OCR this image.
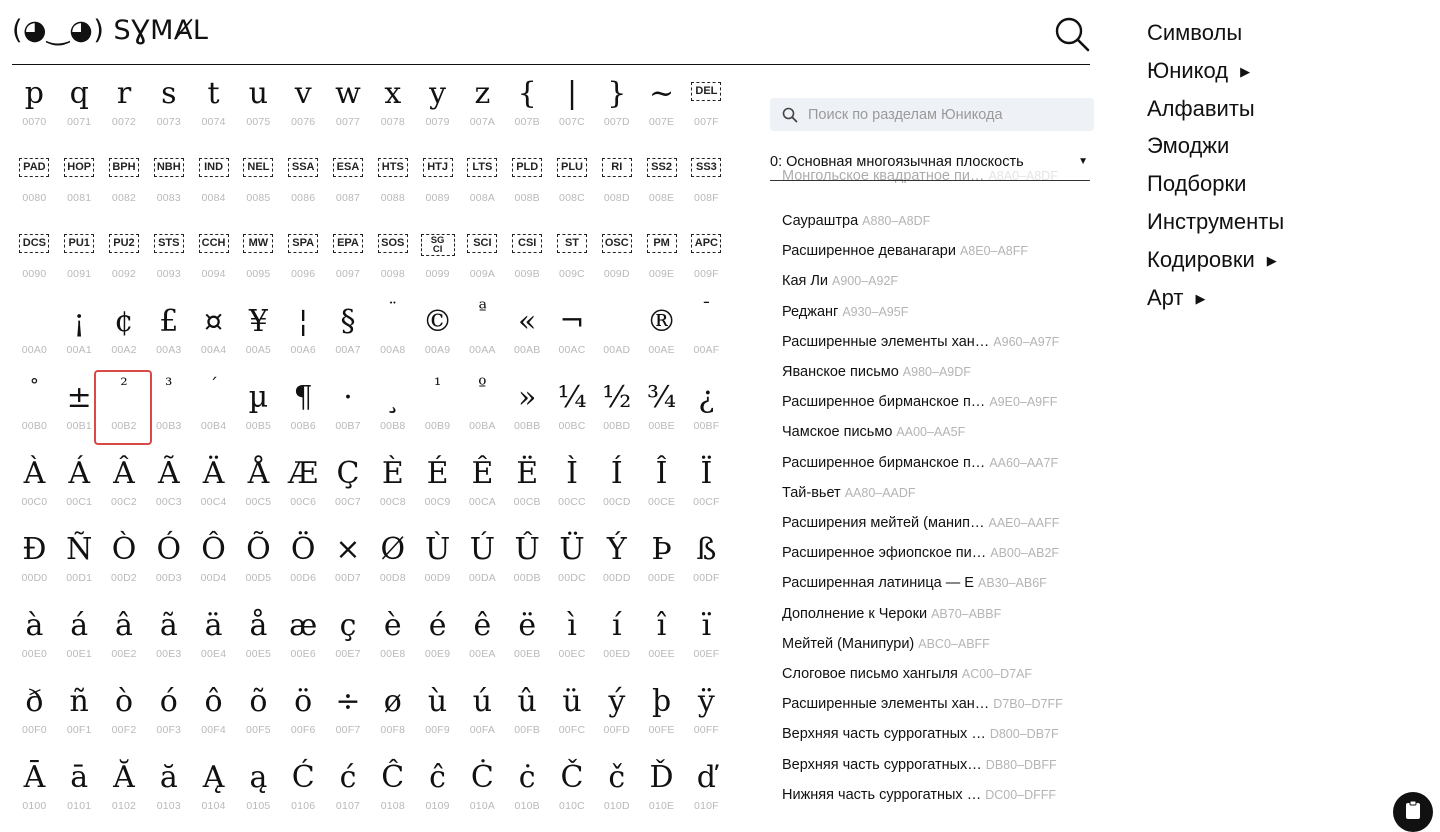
(◕‿◕) SƔMȺL
p
0070
q
0071
r
0072
s
0073
t
0074
u
0075
v
0076
w
0077
x
0078
y
0079
z
007A
{
007B
|
007C
}
007D
~
007E
DEL
007F
PAD
0080
HOP
0081
BPH
0082
NBH
0083
IND
0084
NEL
0085
SSA
0086
ESA
0087
HTS
0088
HTJ
0089
LTS
008A
PLD
008B
PLU
008C
RI
008D
SS2
008E
SS3
008F
DCS
0090
PU1
0091
PU2
0092
STS
0093
CCH
0094
MW
0095
SPA
0096
EPA
0097
SOS
0098
SG CI
0099
SCI
009A
CSI
009B
ST
009C
OSC
009D
PM
009E
APC
009F
00A0
¡
00A1
¢
00A2
£
00A3
¤
00A4
¥
00A5
¦
00A6
§
00A7
¨
00A8
©
00A9
ª
00AA
«
00AB
¬
00AC	00AD
®
00AE
¯
00AF
°
00B0
±
00B1
²
00B2
³
00B3
´
00B4
µ
00B5
¶
00B6
·
00B7
¸
00B8
¹
00B9
º
00BA
»
00BB
¼
00BC
½
00BD
¾
00BE
¿
00BF
À
00C0
Á
00C1
Â
00C2
Ã
00C3
Ä
00C4
Å
00C5
Æ
00C6
Ç
00C7
È
00C8
É
00C9
Ê
00CA
Ë
00CB
Ì
00CC
Í
00CD
Î
00CE
Ï
00CF
Ð
00D0
Ñ
00D1
Ò
00D2
Ó
00D3
Ô
00D4
Õ
00D5
Ö
00D6
×
00D7
Ø
00D8
Ù
00D9
Ú
00DA
Û
00DB
Ü
00DC
Ý
00DD
Þ
00DE
ß
00DF
à
00E0
á
00E1
â
00E2
ã
00E3
ä
00E4
å
00E5
æ
00E6
ç
00E7
è
00E8
é
00E9
ê
00EA
ë
00EB
ì
00EC
í
00ED
î
00EE
ï
00EF
ð
00F0
ñ
00F1
ò
00F2
ó
00F3
ô
00F4
õ
00F5
ö
00F6
÷
00F7
ø
00F8
ù
00F9
ú
00FA
û
00FB
ü
00FC
ý
00FD
þ
00FE
ÿ
00FF
Ā
0100
ā
0101
Ă
0102
ă
0103
Ą
0104
ą
0105
Ć
0106
ć
0107
Ĉ
0108
ĉ
0109
Ċ
010A
ċ
010B
Č
010C
č
010D
Ď
010E
ď
010F
Поиск по разделам Юникода
0: Основная многоязычная плоскость	▼
Монгольское квадратное пи… A8A0–A8DF
Саураштра A880–A8DF
Расширенное деванагари A8E0–A8FF
Кая Ли A900–A92F
Реджанг A930–A95F
Расширенные элементы хан… A960–A97F
Яванское письмо A980–A9DF
Расширенное бирманское п… A9E0–A9FF
Чамское письмо AA00–AA5F
Расширенное бирманское п… AA60–AA7F
Тай-вьет AA80–AADF
Расширения мейтей (манип… AAE0–AAFF
Расширенное эфиопское пи… AB00–AB2F
Расширенная латиница — E AB30–AB6F
Дополнение к Чероки AB70–ABBF
Мейтей (Манипури) ABC0–ABFF
Слоговое письмо хангыля AC00–D7AF
Расширенные элементы хан… D7B0–D7FF
Верхняя часть суррогатных … D800–DB7F
Верхняя часть суррогатных… DB80–DBFF
Нижняя часть суррогатных … DC00–DFFF
Символы
Юникод ▶
Алфавиты
Эмоджи
Подборки
Инструменты
Кодировки ▶
Арт ▶
